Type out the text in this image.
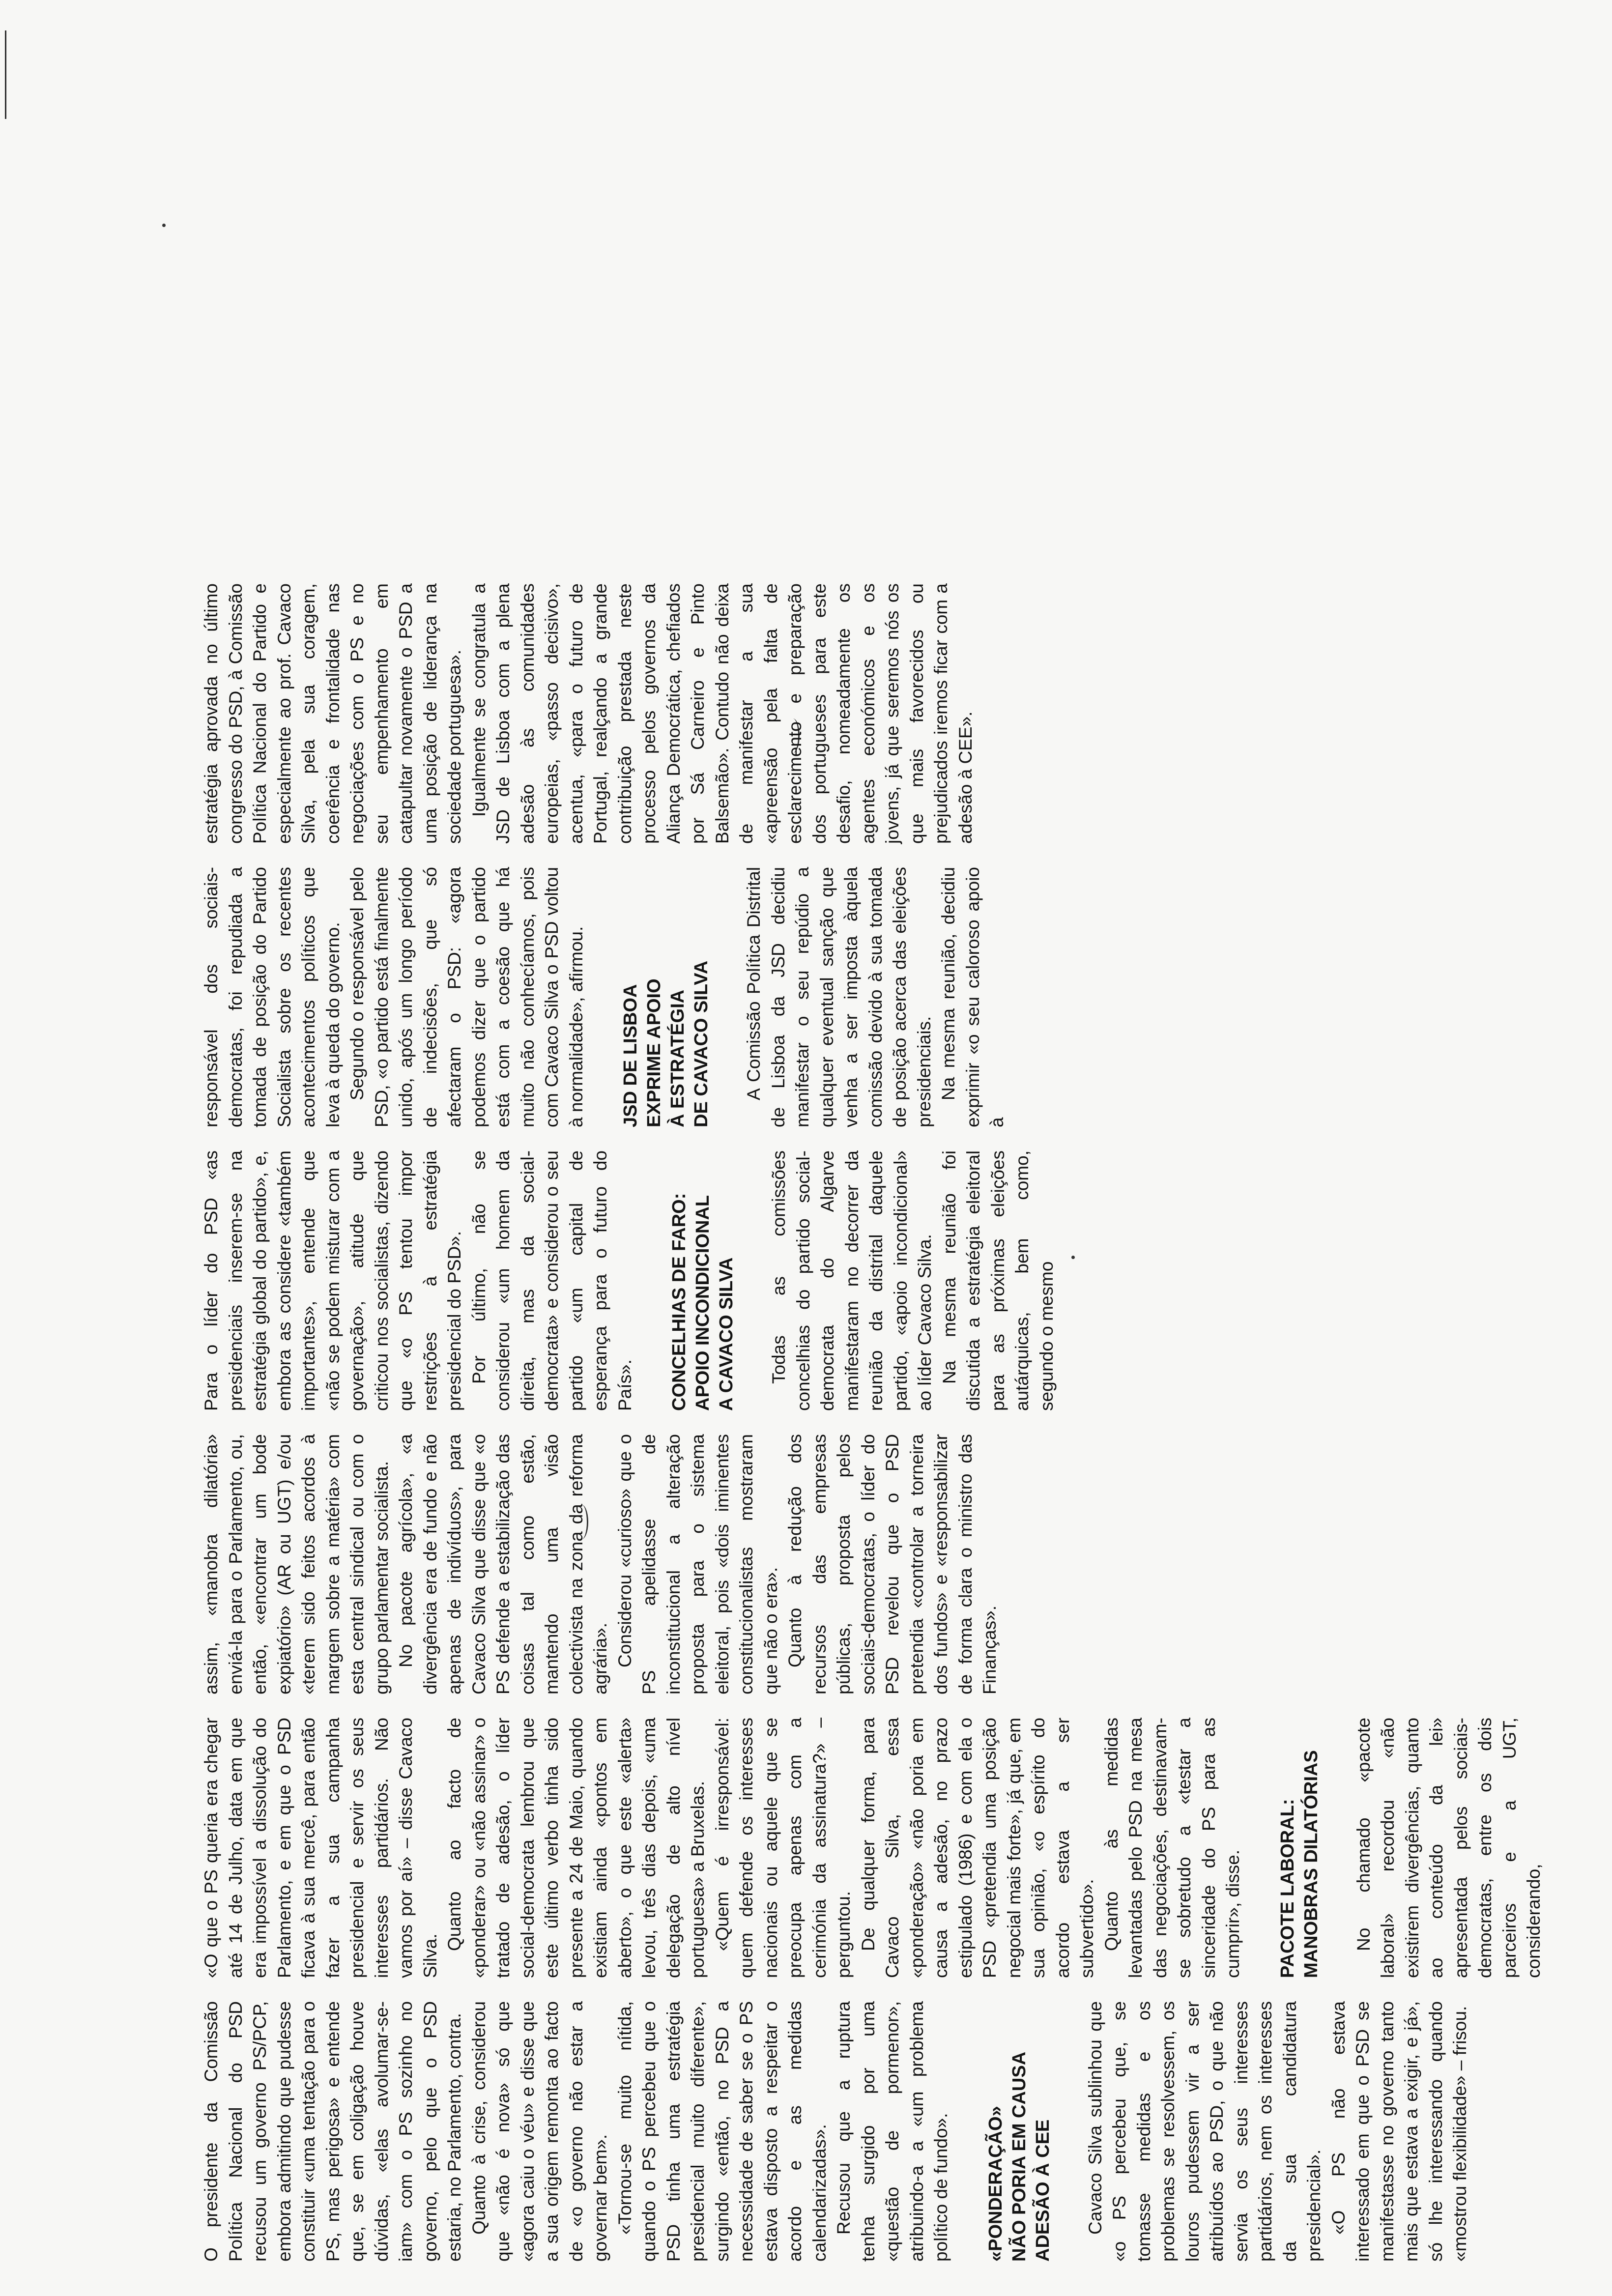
O presidente da Comissão Política Nacional do PSD recusou um governo PS/PCP, embora admitindo que pudesse constituir «uma tentação para o PS, mas perigosa» e entende que, se em coligação houve dúvidas, «elas avolumar-se-iam» com o PS sozinho no governo, pelo que o PSD estaria, no Parlamento, contra. Quanto à crise, considerou que «não é nova» só que «agora caiu o véu» e disse que a sua origem remonta ao facto de «o governo não estar a governar bem». «Tornou-se muito nítida, quando o PS percebeu que o PSD tinha uma estratégia presidencial muito diferente», surgindo «então, no PSD a necessidade de saber se o PS estava disposto a respeitar o acordo e as medidas calendarizadas». Recusou que a ruptura tenha surgido por uma «questão de pormenor», atribuindo-a a «um problema político de fundo». «PONDERAÇÃO» NÃO PORIA EM CAUSA ADESÃO À CEE Cavaco Silva sublinhou que «o PS percebeu que, se tomasse medidas e os problemas se resolvessem, os louros pudessem vir a ser atribuídos ao PSD, o que não servia os seus interesses partidários, nem os interesses da sua candidatura presidencial». «O PS não estava interessado em que o PSD se manifestasse no governo tanto mais que estava a exigir, e já», só lhe interessando quando «mostrou flexibilidade» – frisou.

«O que o PS queria era chegar até 14 de Julho, data em que era impossível a dissolução do Parlamento, e em que o PSD ficava à sua mercê, para então fazer a sua campanha presidencial e servir os seus interesses partidários. Não vamos por aí» – disse Cavaco Silva.

Quanto ao facto de «ponderar» ou «não assinar» o tratado de adesão, o líder social-democrata lembrou que este último verbo tinha sido presente a 24 de Maio, quando existiam ainda «pontos em aberto», o que este «alerta» levou, três dias depois, «uma delegação de alto nível portuguesa» a Bruxelas. «Quem é irresponsável: quem defende os interesses nacionais ou aquele que se preocupa apenas com a cerimónia da assinatura?» – perguntou. De qualquer forma, para Cavaco Silva, essa «ponderação» «não poria em causa a adesão, no prazo estipulado (1986) e com ela o PSD «pretendia uma posição negocial mais forte», já que, em sua opinião, «o espírito do acordo estava a ser subvertido». Quanto às medidas levantadas pelo PSD na mesa das negociações, destinavam-se sobretudo a «testar a sinceridade do PS para as cumprir», disse. PACOTE LABORAL: MANOBRAS DILATÓRIAS No chamado «pacote laboral» recordou «não existirem divergências, quanto ao conteúdo da lei» apresentada pelos sociais-democratas, entre os dois parceiros e a UGT, considerando,

assim, «manobra dilatória» enviá-la para o Parlamento, ou, então, «encontrar um bode expiatório» (AR ou UGT) e/ou «terem sido feitos acordos à margem sobre a matéria» com esta central sindical ou com o grupo parlamentar socialista. No pacote agrícola», «a divergência era de fundo e não apenas de indivíduos», para Cavaco Silva que disse que «o PS defende a estabilização das coisas tal como estão, mantendo uma visão colectivista na zona da reforma agrária». Considerou «curioso» que o PS apelidasse de inconstitucional a alteração proposta para o sistema eleitoral, pois «dois iminentes constitucionalistas mostraram que não o era». Quanto à redução dos recursos das empresas públicas, proposta pelos sociais-democratas, o líder do PSD revelou que o PSD pretendia «controlar a torneira dos fundos» e «responsabilizar de forma clara o ministro das Finanças».

Para o líder do PSD «as presidenciais inserem-se na estratégia global do partido», e, embora as considere «também importantes», entende que «não se podem misturar com a governação», atitude que criticou nos socialistas, dizendo que «o PS tentou impor restrições à estratégia presidencial do PSD». Por último, não se considerou «um homem da direita, mas da social-democrata» e considerou o seu partido «um capital de esperança para o futuro do País». CONCELHIAS DE FARO: APOIO INCONDICIONAL A CAVACO SILVA Todas as comissões concelhias do partido social-democrata do Algarve manifestaram no decorrer da reunião da distrital daquele partido, «apoio incondicional» ao líder Cavaco Silva. Na mesma reunião foi discutida a estratégia eleitoral para as próximas eleições autárquicas, bem como, segundo o mesmo

responsável dos sociais-democratas, foi repudiada a tomada de posição do Partido Socialista sobre os recentes acontecimentos políticos que leva à queda do governo. Segundo o responsável pelo PSD, «o partido está finalmente unido, após um longo período de indecisões, que só afectaram o PSD: «agora podemos dizer que o partido está com a coesão que há muito não conhecíamos, pois com Cavaco Silva o PSD voltou à normalidade», afirmou. JSD DE LISBOA EXPRIME APOIO À ESTRATÉGIA DE CAVACO SILVA A Comissão Política Distrital de Lisboa da JSD decidiu manifestar o seu repúdio a qualquer eventual sanção que venha a ser imposta àquela comissão devido à sua tomada de posição acerca das eleições presidenciais. Na mesma reunião, decidiu exprimir «o seu caloroso apoio à

estratégia aprovada no último congresso do PSD, à Comissão Política Nacional do Partido e especialmente ao prof. Cavaco Silva, pela sua coragem, coerência e frontalidade nas negociações com o PS e no seu empenhamento em catapultar novamente o PSD a uma posição de liderança na sociedade portuguesa». Igualmente se congratula a JSD de Lisboa com a plena adesão às comunidades europeias, «passo decisivo», acentua, «para o futuro de Portugal, realçando a grande contribuição prestada neste processo pelos governos da Aliança Democrática, chefiados por Sá Carneiro e Pinto Balsemão». Contudo não deixa de manifestar a sua «apreensão pela falta de esclarecimento e preparação dos portugueses para este desafio, nomeadamente os agentes económicos e os jovens, já que seremos nós os que mais favorecidos ou prejudicados iremos ficar com a adesão à CEE».
